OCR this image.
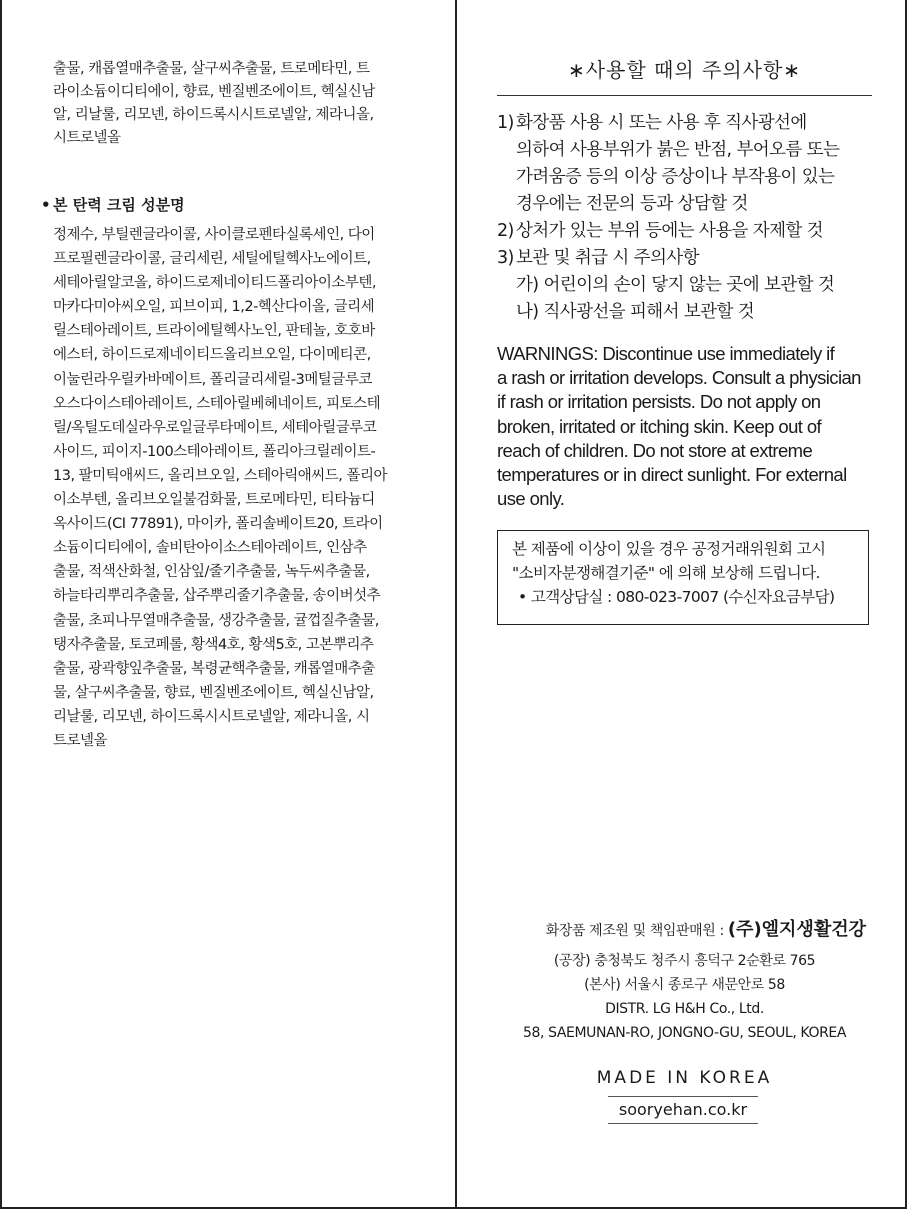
출물, 캐롭열매추출물, 살구씨추출물, 트로메타민, 트
라이소듐이디티에이, 향료, 벤질벤조에이트, 헥실신남
알, 리날룰, 리모넨, 하이드록시시트로넬알, 제라니올,
시트로넬올

• 본 탄력 크림 성분명

정제수, 부틸렌글라이콜, 사이클로펜타실록세인, 다이
프로필렌글라이콜, 글리세린, 세틸에틸헥사노에이트,
세테아릴알코올, 하이드로제네이티드폴리아이소부텐,
마카다미아씨오일, 피브이피, 1,2-헥산다이올, 글리세
릴스테아레이트, 트라이에틸헥사노인, 판테놀, 호호바
에스터, 하이드로제네이티드올리브오일, 다이메티콘,
이눌린라우릴카바메이트, 폴리글리세릴-3메틸글루코
오스다이스테아레이트, 스테아릴베헤네이트, 피토스테
릴/옥틸도데실라우로일글루타메이트, 세테아릴글루코
사이드, 피이지-100스테아레이트, 폴리아크릴레이트-
13, 팔미틱애씨드, 올리브오일, 스테아릭애씨드, 폴리아
이소부텐, 올리브오일불검화물, 트로메타민, 티타늄디
옥사이드(CI 77891), 마이카, 폴리솔베이트20, 트라이
소듐이디티에이, 솔비탄아이소스테아레이트, 인삼추
출물, 적색산화철, 인삼잎/줄기추출물, 녹두씨추출물,
하늘타리뿌리추출물, 삽주뿌리줄기추출물, 송이버섯추
출물, 초피나무열매추출물, 생강추출물, 귤껍질추출물,
탱자추출물, 토코페롤, 황색4호, 황색5호, 고본뿌리추
출물, 광곽향잎추출물, 복령균핵추출물, 캐롭열매추출
물, 살구씨추출물, 향료, 벤질벤조에이트, 헥실신남알,
리날룰, 리모넨, 하이드록시시트로넬알, 제라니올, 시
트로넬올

∗사용할 때의 주의사항∗
1) 화장품 사용 시 또는 사용 후 직사광선에
의하여 사용부위가 붉은 반점, 부어오름 또는
가려움증 등의 이상 증상이나 부작용이 있는
경우에는 전문의 등과 상담할 것
2) 상처가 있는 부위 등에는 사용을 자제할 것
3) 보관 및 취급 시 주의사항
가) 어린이의 손이 닿지 않는 곳에 보관할 것
나) 직사광선을 피해서 보관할 것
WARNINGS: Discontinue use immediately if
a rash or irritation develops. Consult a physician
if rash or irritation persists. Do not apply on
broken, irritated or itching skin. Keep out of
reach of children. Do not store at extreme
temperatures or in direct sunlight. For external
use only.

본 제품에 이상이 있을 경우 공정거래위원회 고시

"소비자분쟁해결기준" 에 의해 보상해 드립니다.

• 고객상담실 : 080-023-7007 (수신자요금부담)

화장품 제조원 및 책임판매원 : (주)엘지생활건강

(공장) 충청북도 청주시 흥덕구 2순환로 765

(본사) 서울시 종로구 새문안로 58

DISTR. LG H&H Co., Ltd.

58, SAEMUNAN-RO, JONGNO-GU, SEOUL, KOREA

MADE IN KOREA
sooryehan.co.kr
